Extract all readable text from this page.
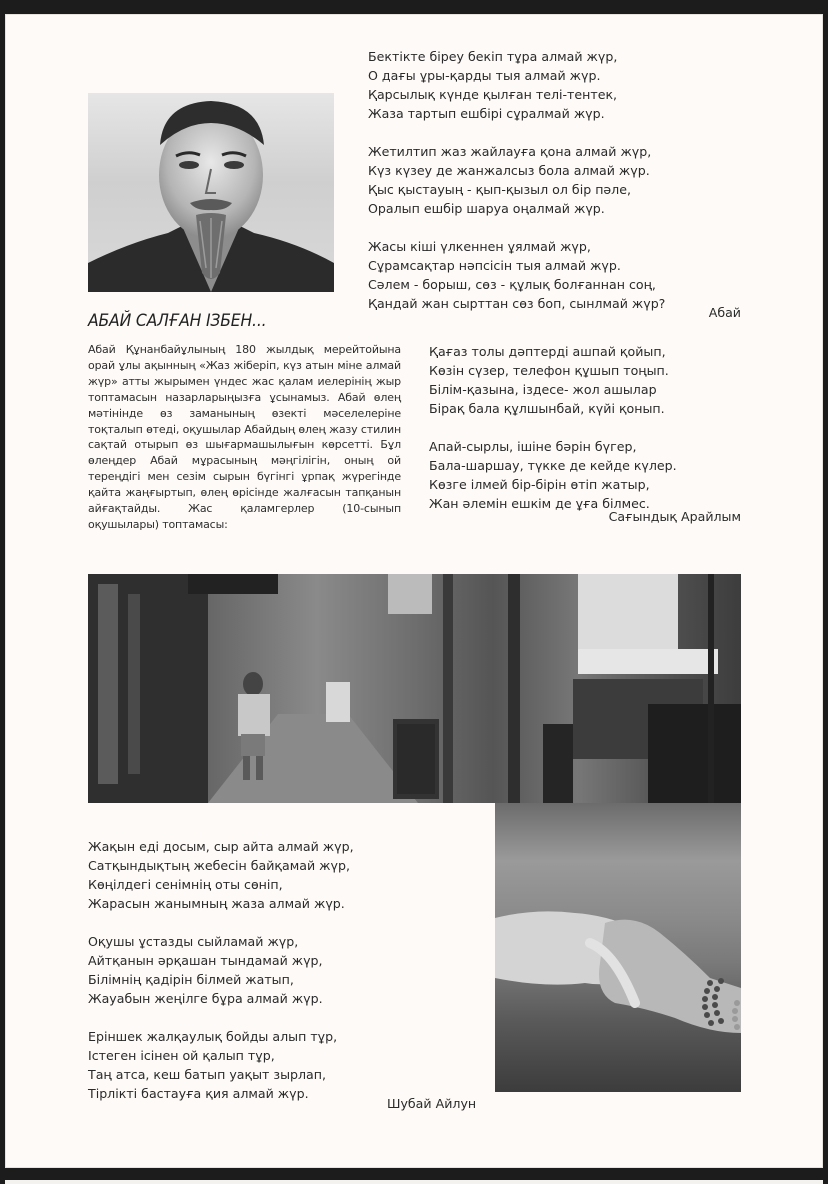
Бектікте біреу бекіп тұра алмай жүр,
О дағы ұры-қарды тыя алмай жүр.
Қарсылық күнде қылған телі-тентек,
Жаза тартып ешбірі сұралмай жүр.
Жетилтип жаз жайлауға қона алмай жүр,
Күз күзеу де жанжалсыз бола алмай жүр.
Қыс қыстауың - қып-қызыл ол бір пәле,
Оралып ешбір шаруа оңалмай жүр.
Жасы кіші үлкеннен ұялмай жүр,
Сұрамсақтар нәпсісін тыя алмай жүр.
Сәлем - борыш, сөз - құлық болғаннан соң,
Қандай жан сырттан сөз боп, сынлмай жүр?
Абай
АБАЙ САЛҒАН ІЗБЕН...
Абай Құнанбайұлының 180 жылдық мерейтойына орай ұлы ақынның «Жаз жіберіп, күз атын міне алмай жүр» атты жырымен үндес жас қалам иелерінің жыр топтамасын назарларыңызға ұсынамыз. Абай өлең мәтінінде өз заманының өзекті мәселелеріне тоқталып өтеді, оқушылар Абайдың өлең жазу стилин сақтай отырып өз шығармашылығын көрсетті. Бұл өлеңдер Абай мұрасының мәңгілігін, оның ой тереңдігі мен сезім сырын бүгінгі ұрпақ жүрегінде қайта жаңғыртып, өлең өрісінде жалғасын тапқанын айғақтайды. Жас қаламгерлер (10-сынып оқушылары) топтамасы:
Қағаз толы дәптерді ашпай қойып,
Көзін сүзер, телефон құшып тоңып.
Білім-қазына, іздесе- жол ашылар
Бірақ бала құлшынбай, күйі қонып.
Апай-сырлы, ішіне бәрін бүгер,
Бала-шаршау, түкке де кейде күлер.
Көзге ілмей бір-бірін өтіп жатыр,
Жан әлемін ешкім де ұға білмес.
Сағындық Арайлым
Жақын еді досым, сыр айта алмай жүр,
Сатқындықтың жебесін байқамай жүр,
Көңілдегі сенімнің оты сөніп,
Жарасын жанымның жаза алмай жүр.
Оқушы ұстазды сыйламай жүр,
Айтқанын әрқашан тындамай жүр,
Білімнің қадірін білмей жатып,
Жауабын жеңілге бұра алмай жүр.
Еріншек жалқаулық бойды алып тұр,
Істеген ісінен ой қалып тұр,
Таң атса, кеш батып уақыт зырлап,
Тірлікті бастауға қия алмай жүр.
Шубай Айлун
